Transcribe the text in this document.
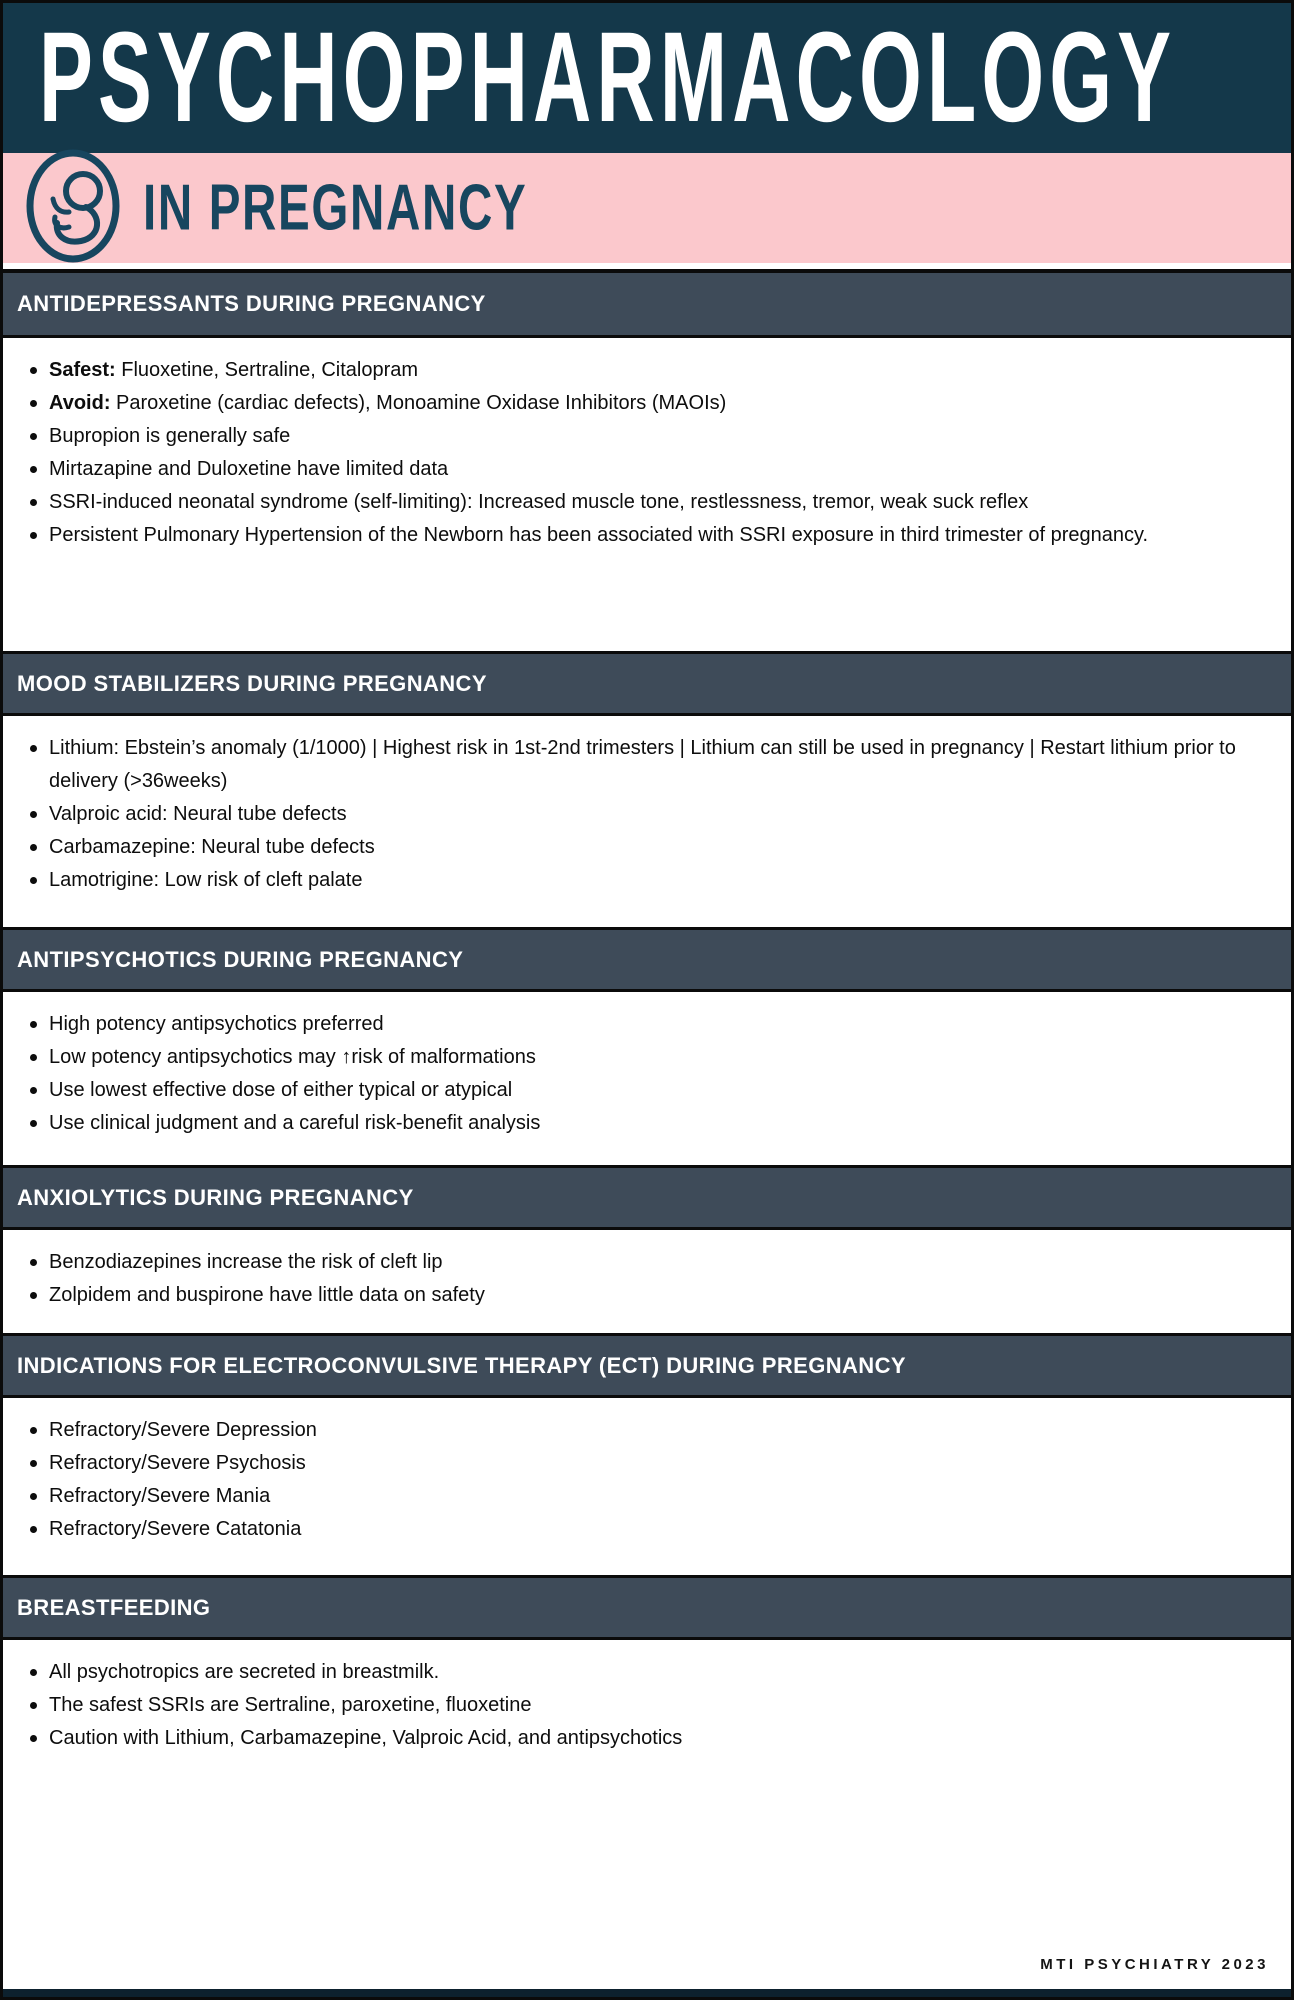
PSYCHOPHARMACOLOGY
IN PREGNANCY
ANTIDEPRESSANTS DURING PREGNANCY
Safest: Fluoxetine, Sertraline, Citalopram
Avoid: Paroxetine (cardiac defects), Monoamine Oxidase Inhibitors (MAOIs)
Bupropion is generally safe
Mirtazapine and Duloxetine have limited data
SSRI-induced neonatal syndrome (self-limiting): Increased muscle tone, restlessness, tremor, weak suck reflex
Persistent Pulmonary Hypertension of the Newborn has been associated with SSRI exposure in third trimester of pregnancy.
MOOD STABILIZERS DURING PREGNANCY
Lithium: Ebstein’s anomaly (1/1000) | Highest risk in 1st-2nd trimesters | Lithium can still be used in pregnancy | Restart lithium prior to delivery (>36weeks)
Valproic acid: Neural tube defects
Carbamazepine: Neural tube defects
Lamotrigine: Low risk of cleft palate
ANTIPSYCHOTICS DURING PREGNANCY
High potency antipsychotics preferred
Low potency antipsychotics may ↑risk of malformations
Use lowest effective dose of either typical or atypical
Use clinical judgment and a careful risk-benefit analysis
ANXIOLYTICS DURING PREGNANCY
Benzodiazepines increase the risk of cleft lip
Zolpidem and buspirone have little data on safety
INDICATIONS FOR ELECTROCONVULSIVE THERAPY (ECT) DURING PREGNANCY
Refractory/Severe Depression
Refractory/Severe Psychosis
Refractory/Severe Mania
Refractory/Severe Catatonia
BREASTFEEDING
All psychotropics are secreted in breastmilk.
The safest SSRIs are Sertraline, paroxetine, fluoxetine
Caution with Lithium, Carbamazepine, Valproic Acid, and antipsychotics
MTI PSYCHIATRY 2023
